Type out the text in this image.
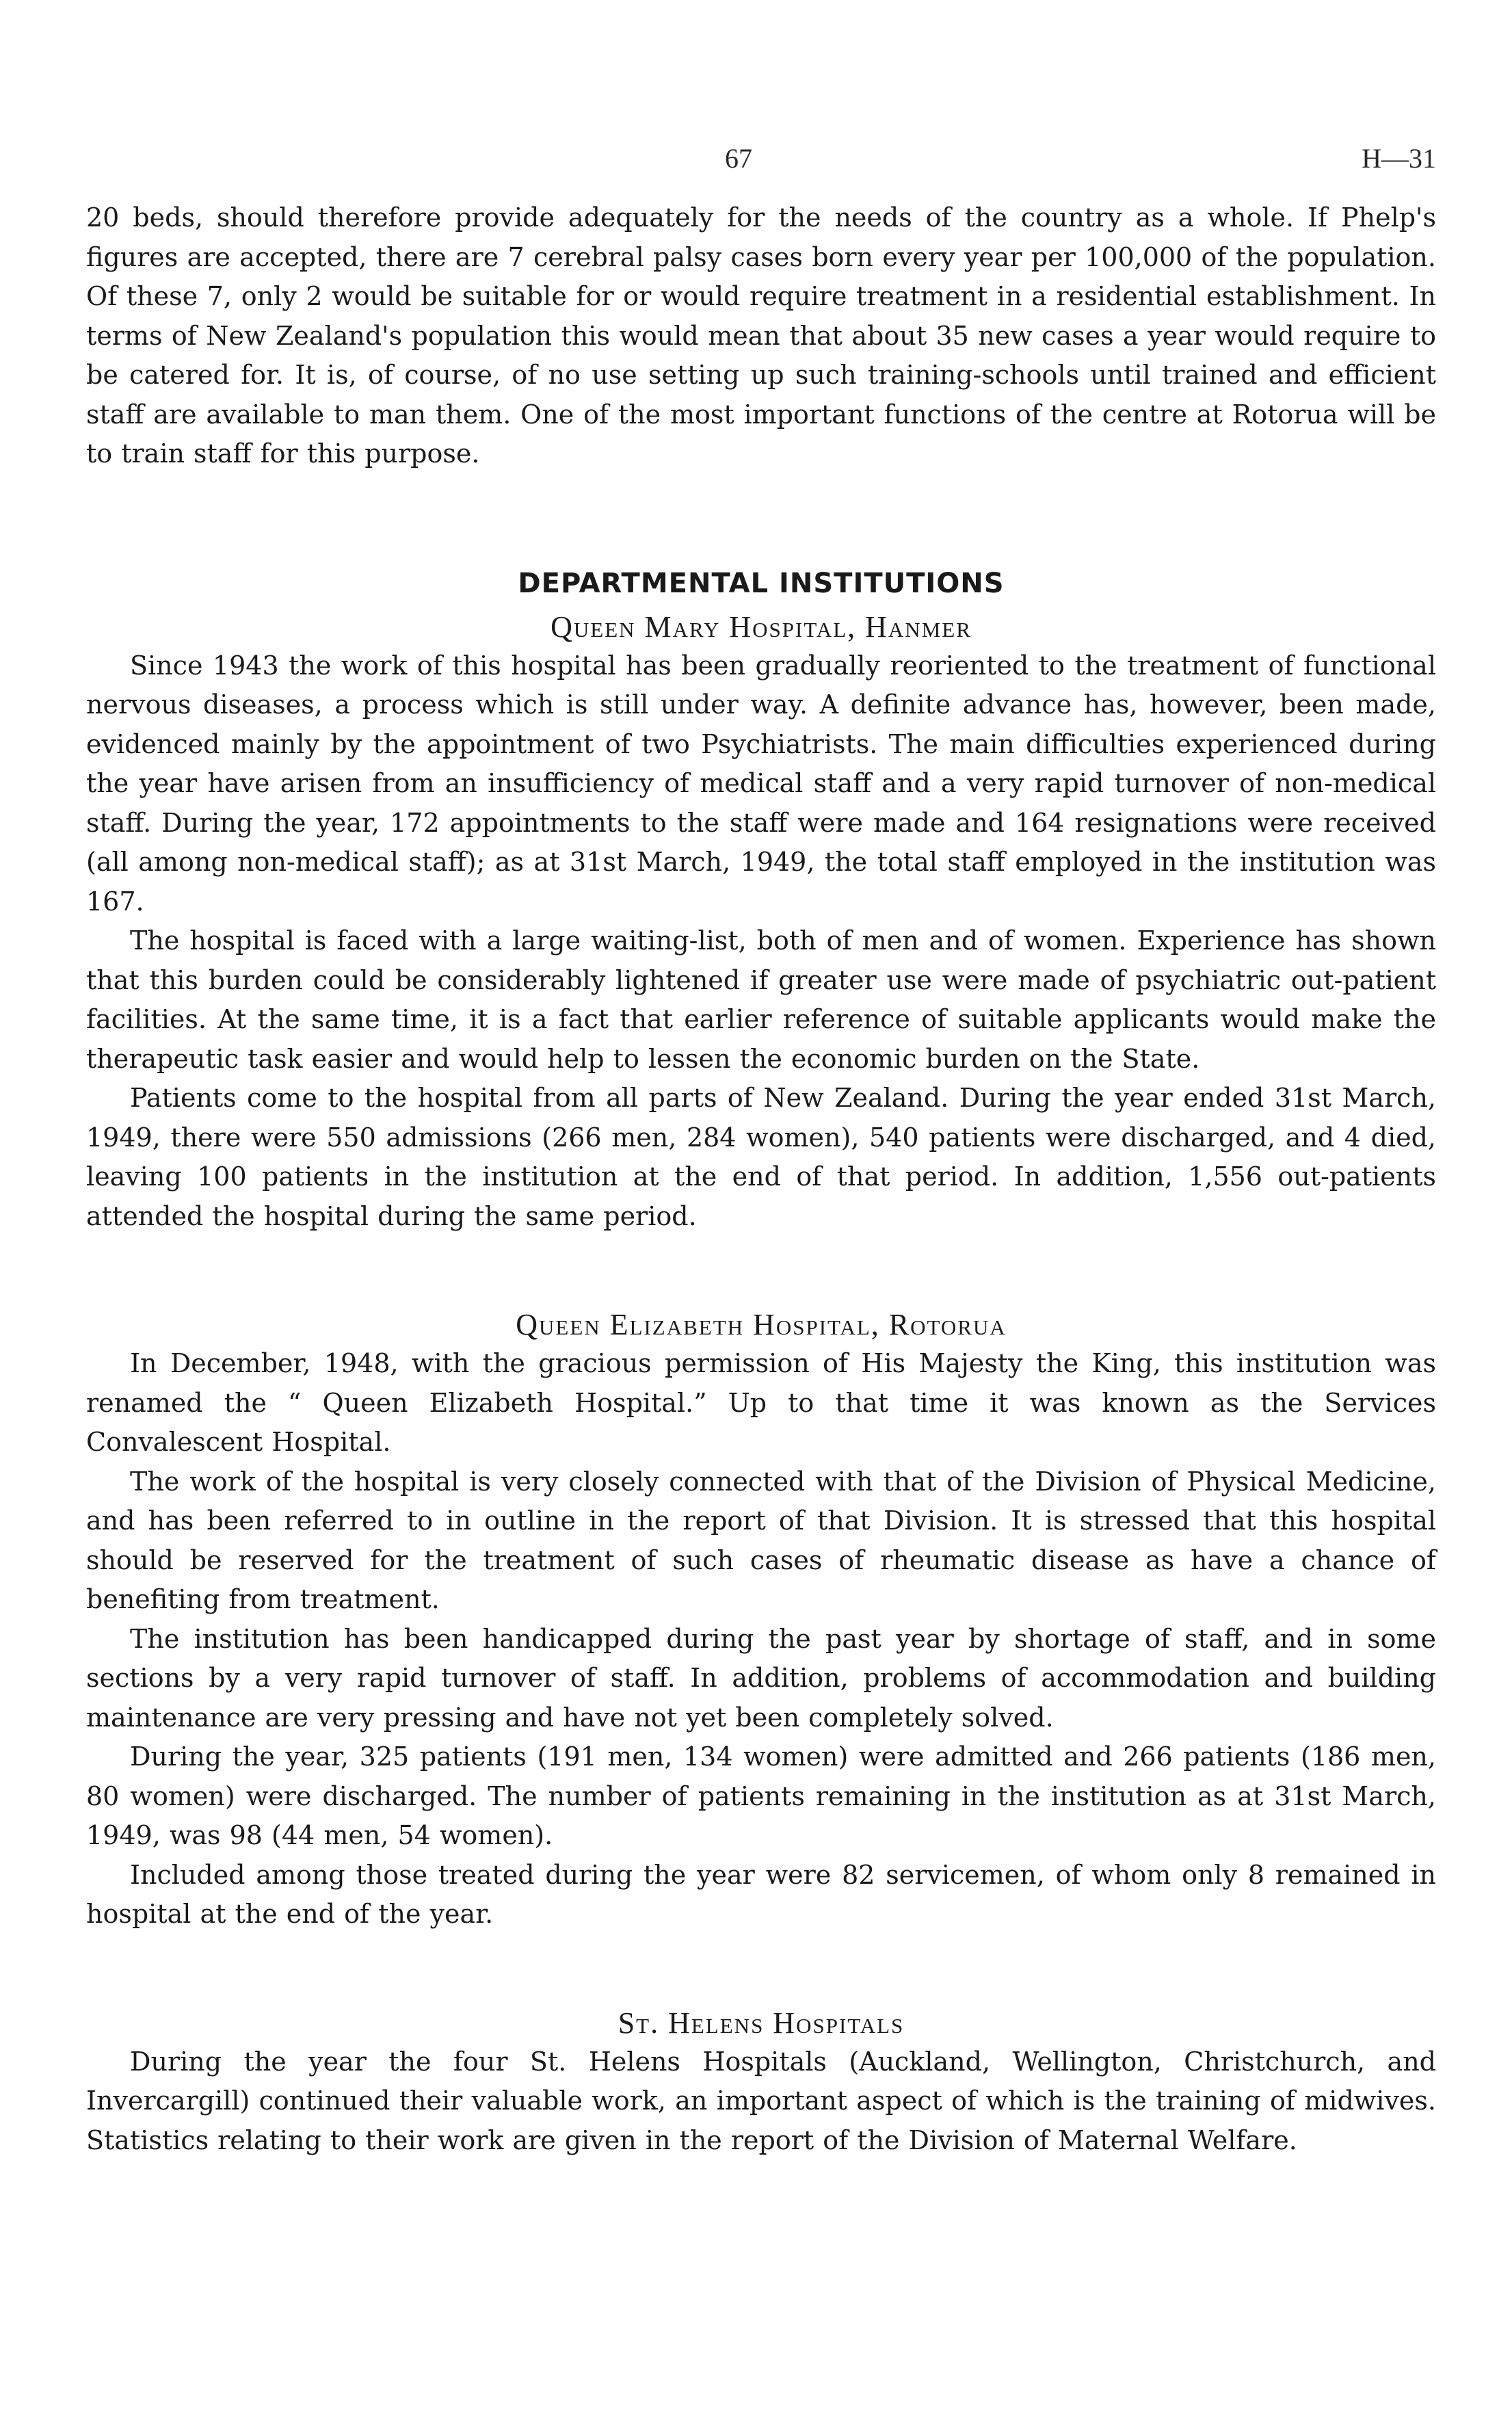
67	H—31

20 beds, should therefore provide adequately for the needs of the country as a whole. If Phelp's figures are accepted, there are 7 cerebral palsy cases born every year per 100,000 of the population. Of these 7, only 2 would be suitable for or would require treatment in a residential establishment. In terms of New Zealand's population this would mean that about 35 new cases a year would require to be catered for. It is, of course, of no use setting up such training-schools until trained and efficient staff are available to man them. One of the most important functions of the centre at Rotorua will be to train staff for this purpose.

DEPARTMENTAL INSTITUTIONS
Queen Mary Hospital, Hanmer

Since 1943 the work of this hospital has been gradually reoriented to the treatment of functional nervous diseases, a process which is still under way. A definite advance has, however, been made, evidenced mainly by the appointment of two Psychiatrists. The main difficulties experienced during the year have arisen from an insufficiency of medical staff and a very rapid turnover of non-medical staff. During the year, 172 appointments to the staff were made and 164 resignations were received (all among non-medical staff); as at 31st March, 1949, the total staff employed in the institution was 167.

The hospital is faced with a large waiting-list, both of men and of women. Experience has shown that this burden could be considerably lightened if greater use were made of psychiatric out-patient facilities. At the same time, it is a fact that earlier reference of suitable applicants would make the therapeutic task easier and would help to lessen the economic burden on the State.

Patients come to the hospital from all parts of New Zealand. During the year ended 31st March, 1949, there were 550 admissions (266 men, 284 women), 540 patients were discharged, and 4 died, leaving 100 patients in the institution at the end of that period. In addition, 1,556 out-patients attended the hospital during the same period.

Queen Elizabeth Hospital, Rotorua

In December, 1948, with the gracious permission of His Majesty the King, this institution was renamed the “ Queen Elizabeth Hospital.” Up to that time it was known as the Services Convalescent Hospital.

The work of the hospital is very closely connected with that of the Division of Physical Medicine, and has been referred to in outline in the report of that Division. It is stressed that this hospital should be reserved for the treatment of such cases of rheumatic disease as have a chance of benefiting from treatment.

The institution has been handicapped during the past year by shortage of staff, and in some sections by a very rapid turnover of staff. In addition, problems of accommodation and building maintenance are very pressing and have not yet been completely solved.

During the year, 325 patients (191 men, 134 women) were admitted and 266 patients (186 men, 80 women) were discharged. The number of patients remaining in the institution as at 31st March, 1949, was 98 (44 men, 54 women).

Included among those treated during the year were 82 servicemen, of whom only 8 remained in hospital at the end of the year.

St. Helens Hospitals

During the year the four St. Helens Hospitals (Auckland, Wellington, Christchurch, and Invercargill) continued their valuable work, an important aspect of which is the training of midwives. Statistics relating to their work are given in the report of the Division of Maternal Welfare.
